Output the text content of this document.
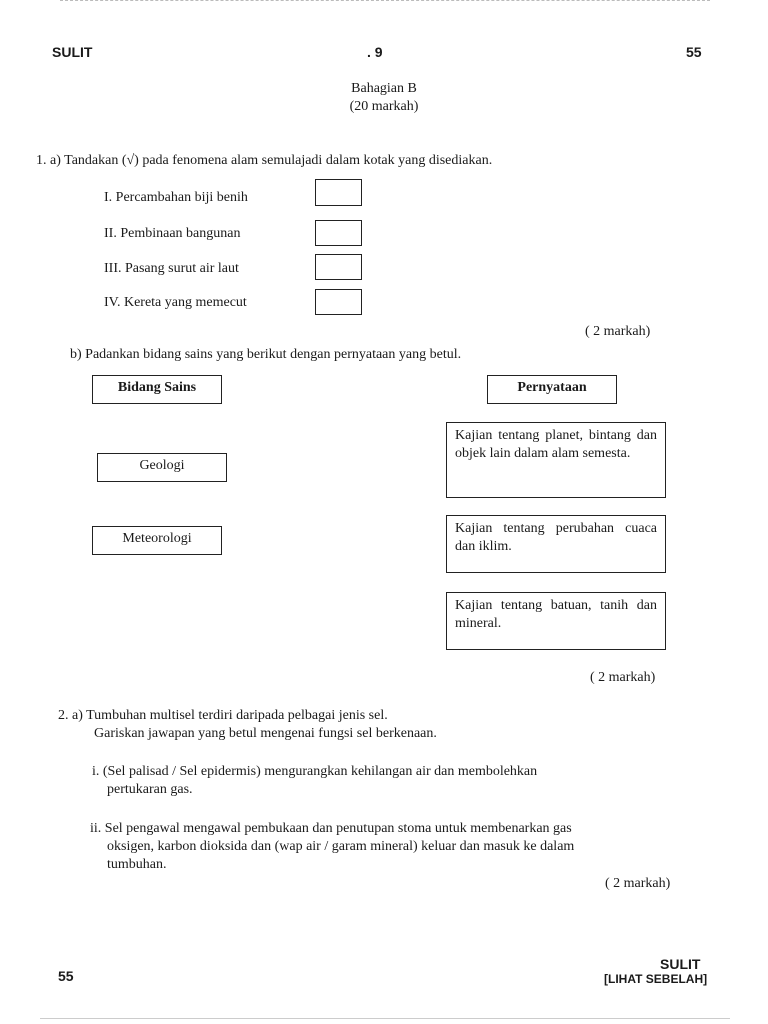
SULIT	. 9	55
Bahagian B
(20 markah)
1. a) Tandakan (√) pada fenomena alam semulajadi dalam kotak yang disediakan.
I. Percambahan biji benih
II. Pembinaan bangunan
III. Pasang surut air laut
IV. Kereta yang memecut
( 2 markah)
b) Padankan bidang sains yang berikut dengan pernyataan yang betul.
Bidang Sains	Pernyataan
Geologi
Meteorologi
Kajian tentang planet, bintang dan objek lain dalam alam semesta.
Kajian tentang perubahan cuaca dan iklim.
Kajian tentang batuan, tanih dan mineral.
( 2 markah)
2. a) Tumbuhan multisel terdiri daripada pelbagai jenis sel.
Gariskan jawapan yang betul mengenai fungsi sel berkenaan.
i. (Sel palisad / Sel epidermis) mengurangkan kehilangan air dan membolehkan
pertukaran gas.
ii. Sel pengawal mengawal pembukaan dan penutupan stoma untuk membenarkan gas
oksigen, karbon dioksida dan (wap air / garam mineral) keluar dan masuk ke dalam
tumbuhan.
( 2 markah)
55
SULIT
[LIHAT SEBELAH]
